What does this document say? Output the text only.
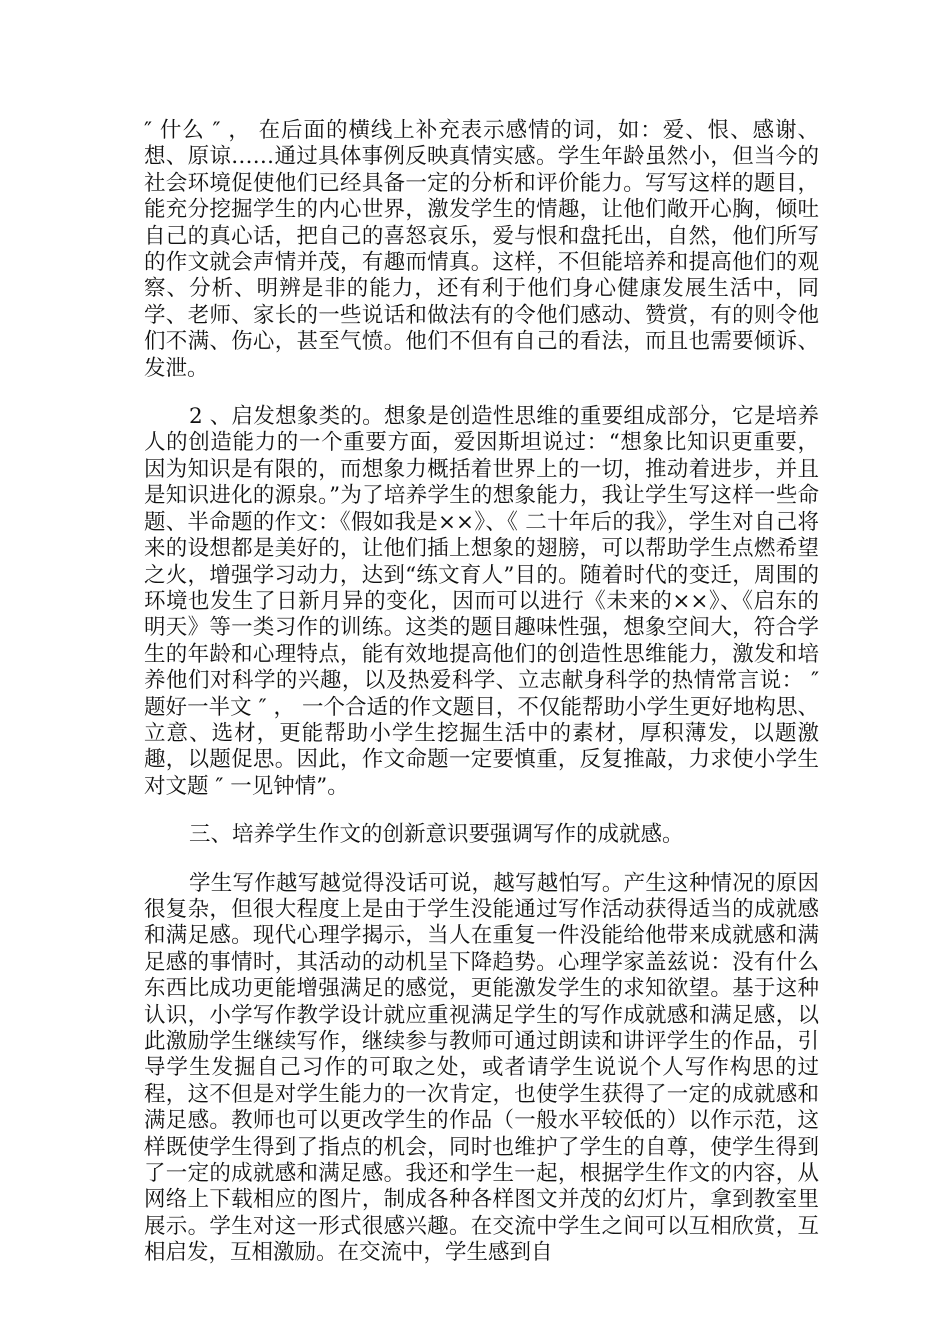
″ 什么 ″ ， 在后面的横线上补充表示感情的词，如：爱、恨、感谢、想、原谅……通过具体事例反映真情实感。学生年龄虽然小，但当今的社会环境促使他们已经具备一定的分析和评价能力。写写这样的题目，能充分挖掘学生的内心世界，激发学生的情趣，让他们敞开心胸，倾吐自己的真心话，把自己的喜怒哀乐，爱与恨和盘托出，自然，他们所写的作文就会声情并茂，有趣而情真。这样，不但能培养和提高他们的观察、分析、明辨是非的能力，还有利于他们身心健康发展生活中，同学、老师、家长的一些说话和做法有的令他们感动、赞赏，有的则令他们不满、伤心，甚至气愤。他们不但有自己的看法，而且也需要倾诉、发泄。

2 、启发想象类的。想象是创造性思维的重要组成部分，它是培养人的创造能力的一个重要方面，爱因斯坦说过：“想象比知识更重要，因为知识是有限的，而想象力概括着世界上的一切，推动着进步，并且是知识进化的源泉。”为了培养学生的想象能力，我让学生写这样一些命题、半命题的作文：《假如我是××》、《 二十年后的我》，学生对自己将来的设想都是美好的，让他们插上想象的翅膀，可以帮助学生点燃希望之火，增强学习动力，达到“练文育人”目的。随着时代的变迁，周围的环境也发生了日新月异的变化，因而可以进行《未来的××》、《启东的明天》等一类习作的训练。这类的题目趣味性强，想象空间大，符合学生的年龄和心理特点，能有效地提高他们的创造性思维能力，激发和培养他们对科学的兴趣，以及热爱科学、立志献身科学的热情常言说： ″ 题好一半文 ″ ， 一个合适的作文题目，不仅能帮助小学生更好地构思、立意、选材，更能帮助小学生挖掘生活中的素材，厚积薄发，以题激趣，以题促思。因此，作文命题一定要慎重，反复推敲，力求使小学生对文题 ″ 一见钟情”。

三、培养学生作文的创新意识要强调写作的成就感。

学生写作越写越觉得没话可说，越写越怕写。产生这种情况的原因很复杂，但很大程度上是由于学生没能通过写作活动获得适当的成就感和满足感。现代心理学揭示，当人在重复一件没能给他带来成就感和满足感的事情时，其活动的动机呈下降趋势。心理学家盖兹说：没有什么东西比成功更能增强满足的感觉，更能激发学生的求知欲望。基于这种认识，小学写作教学设计就应重视满足学生的写作成就感和满足感，以此激励学生继续写作，继续参与教师可通过朗读和讲评学生的作品，引导学生发掘自己习作的可取之处，或者请学生说说个人写作构思的过程，这不但是对学生能力的一次肯定，也使学生获得了一定的成就感和满足感。教师也可以更改学生的作品（一般水平较低的）以作示范，这样既使学生得到了指点的机会，同时也维护了学生的自尊，使学生得到了一定的成就感和满足感。我还和学生一起，根据学生作文的内容，从网络上下载相应的图片，制成各种各样图文并茂的幻灯片，拿到教室里展示。学生对这一形式很感兴趣。在交流中学生之间可以互相欣赏，互相启发，互相激励。在交流中，学生感到自
